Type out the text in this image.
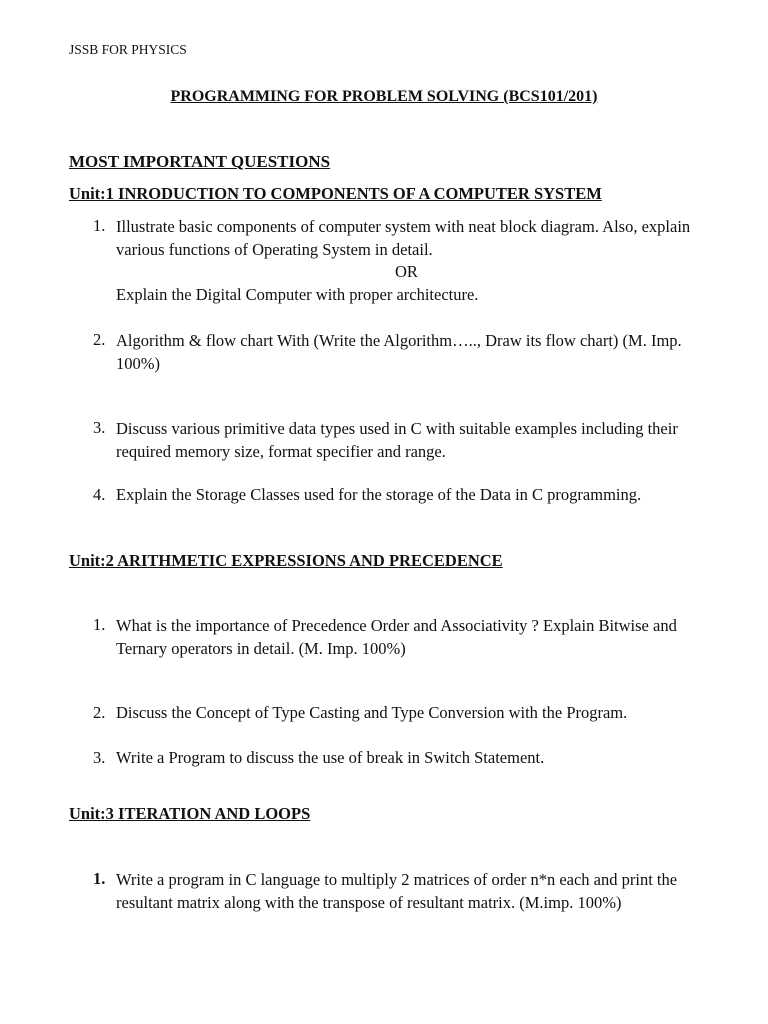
JSSB FOR PHYSICS

PROGRAMMING FOR PROBLEM SOLVING (BCS101/201)

MOST IMPORTANT QUESTIONS

Unit:1 INRODUCTION TO COMPONENTS OF A COMPUTER SYSTEM

1. Illustrate basic components of computer system with neat block diagram. Also, explain various functions of Operating System in detail.

OR

Explain the Digital Computer with proper architecture.

2. Algorithm & flow chart With (Write the Algorithm….., Draw its flow chart) (M. Imp. 100%)

3. Discuss various primitive data types used in C with suitable examples including their required memory size, format specifier and range.

4. Explain the Storage Classes used for the storage of the Data in C programming.

Unit:2 ARITHMETIC EXPRESSIONS AND PRECEDENCE

1. What is the importance of Precedence Order and Associativity ? Explain Bitwise and Ternary operators in detail. (M. Imp. 100%)

2. Discuss the Concept of Type Casting and Type Conversion with the Program.

3. Write a Program to discuss the use of break in Switch Statement.

Unit:3 ITERATION AND LOOPS

1. Write a program in C language to multiply 2 matrices of order n*n each and print the resultant matrix along with the transpose of resultant matrix. (M.imp. 100%)
